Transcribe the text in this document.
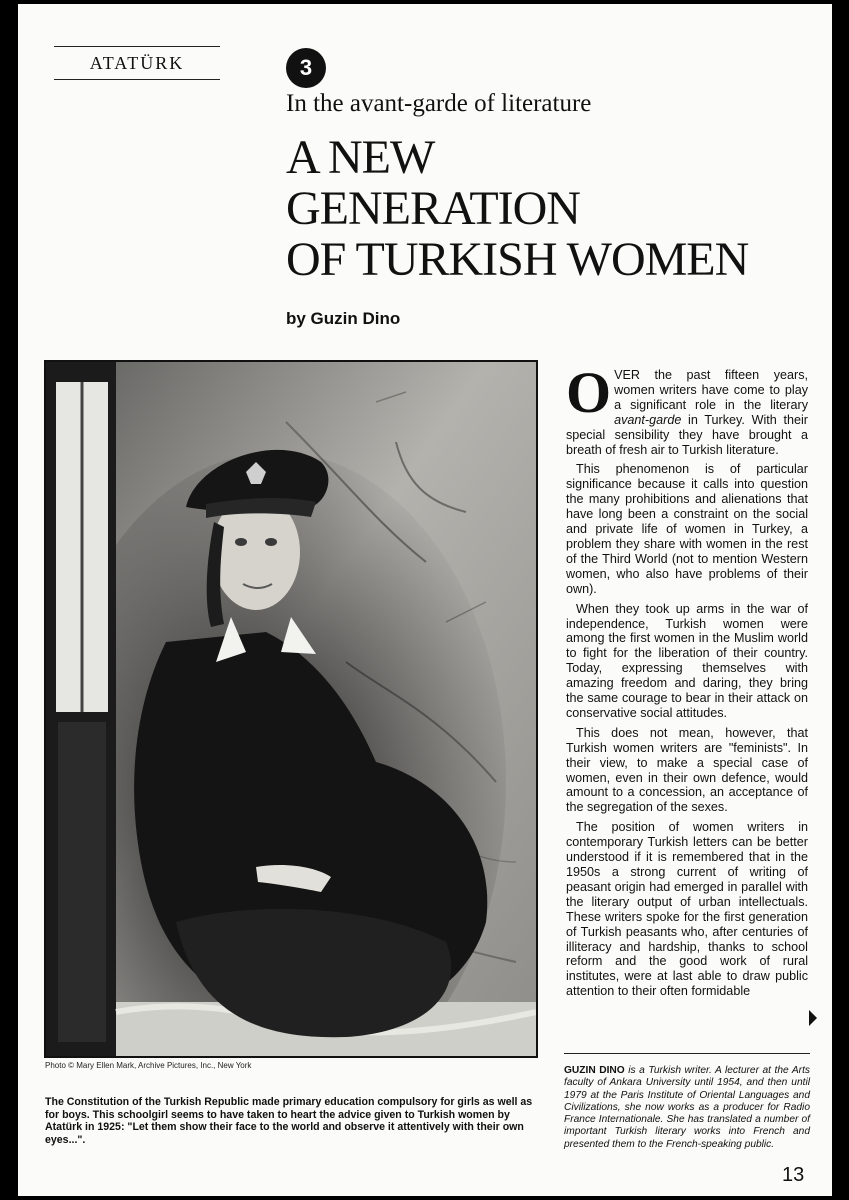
ATATÜRK	3
In the avant-garde of literature
A NEW
GENERATION
OF TURKISH WOMEN
by Guzin Dino
Photo © Mary Ellen Mark, Archive Pictures, Inc., New York

The Constitution of the Turkish Republic made primary education compulsory for girls as well as for boys. This schoolgirl seems to have taken to heart the advice given to Turkish women by Atatürk in 1925: "Let them show their face to the world and observe it attentively with their own eyes...".

OVER the past fifteen years, women writers have come to play a significant role in the literary avant-garde in Turkey. With their special sensibility they have brought a breath of fresh air to Turkish literature.

This phenomenon is of particular significance because it calls into question the many prohibitions and alienations that have long been a constraint on the social and private life of women in Turkey, a problem they share with women in the rest of the Third World (not to mention Western women, who also have problems of their own).

When they took up arms in the war of independence, Turkish women were among the first women in the Muslim world to fight for the liberation of their country. Today, expressing themselves with amazing freedom and daring, they bring the same courage to bear in their attack on conservative social attitudes.

This does not mean, however, that Turkish women writers are "feminists". In their view, to make a special case of women, even in their own defence, would amount to a concession, an acceptance of the segregation of the sexes.

The position of women writers in contemporary Turkish letters can be better understood if it is remembered that in the 1950s a strong current of writing of peasant origin had emerged in parallel with the literary output of urban intellectuals. These writers spoke for the first generation of Turkish peasants who, after centuries of illiteracy and hardship, thanks to school reform and the good work of rural institutes, were at last able to draw public attention to their often formidable

GUZIN DINO is a Turkish writer. A lecturer at the Arts faculty of Ankara University until 1954, and then until 1979 at the Paris Institute of Oriental Languages and Civilizations, she now works as a producer for Radio France Internationale. She has translated a number of important Turkish literary works into French and presented them to the French-speaking public.

13
